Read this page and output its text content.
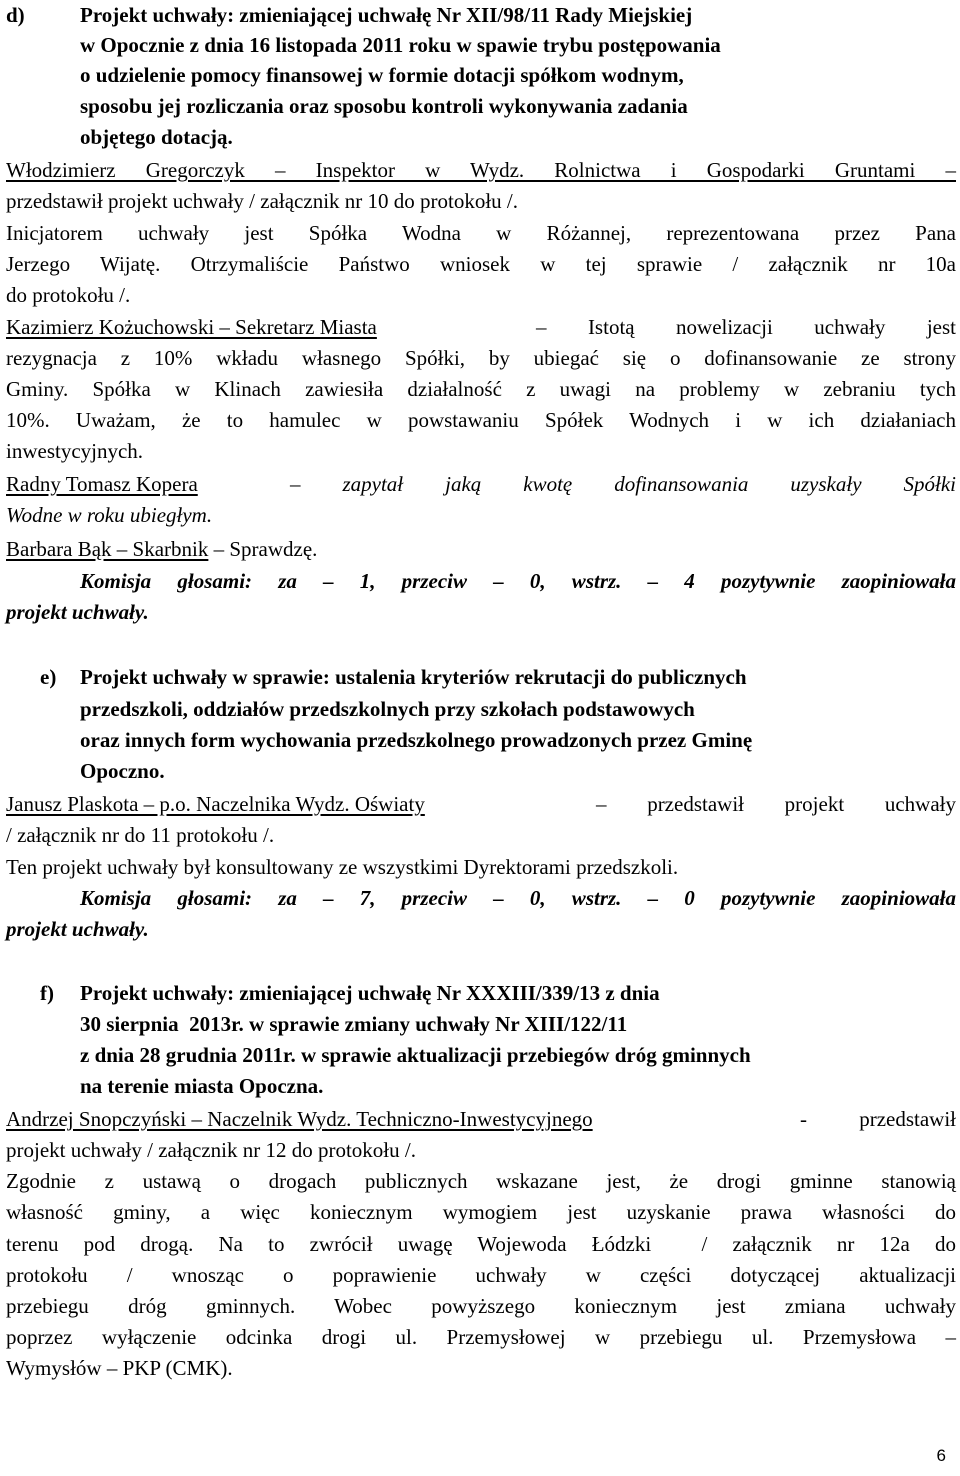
d)	Projekt uchwały: zmieniającej uchwałę Nr XII/98/11 Rady Miejskiej

w Opocznie z dnia 16 listopada 2011 roku w spawie trybu postępowania

o udzielenie pomocy finansowej w formie dotacji spółkom wodnym,

sposobu jej rozliczania oraz sposobu kontroli wykonywania zadania

objętego dotacją.

Włodzimierz Gregorczyk – Inspektor w Wydz. Rolnictwa i Gospodarki Gruntami –

przedstawił projekt uchwały / załącznik nr 10 do protokołu /.

Inicjatorem uchwały jest Spółka Wodna w Różannej, reprezentowana przez Pana

Jerzego Wijatę. Otrzymaliście Państwo wniosek w tej sprawie / załącznik nr 10a

do protokołu /.

Kazimierz Kożuchowski – Sekretarz Miasta	– Istotą nowelizacji uchwały jest

rezygnacja z 10% wkładu własnego Spółki, by ubiegać się o dofinansowanie ze strony

Gminy. Spółka w Klinach zawiesiła działalność z uwagi na problemy w zebraniu tych

10%. Uważam, że to hamulec w powstawaniu Spółek Wodnych i w ich działaniach

inwestycyjnych.

Radny Tomasz Kopera	– zapytał jaką kwotę dofinansowania uzyskały Spółki

Wodne w roku ubiegłym.

Barbara Bąk – Skarbnik – Sprawdzę.

Komisja głosami: za – 1, przeciw – 0, wstrz. – 4 pozytywnie zaopiniowała

projekt uchwały.

e) Projekt uchwały w sprawie: ustalenia kryteriów rekrutacji do publicznych

przedszkoli, oddziałów przedszkolnych przy szkołach podstawowych

oraz innych form wychowania przedszkolnego prowadzonych przez Gminę

Opoczno.

Janusz Plaskota – p.o. Naczelnika Wydz. Oświaty	– przedstawił projekt uchwały

/ załącznik nr do 11 protokołu /.

Ten projekt uchwały był konsultowany ze wszystkimi Dyrektorami przedszkoli.

Komisja głosami: za – 7, przeciw – 0, wstrz. – 0 pozytywnie zaopiniowała

projekt uchwały.

f) Projekt uchwały: zmieniającej uchwałę Nr XXXIII/339/13 z dnia

30 sierpnia  2013r. w sprawie zmiany uchwały Nr XIII/122/11

z dnia 28 grudnia 2011r. w sprawie aktualizacji przebiegów dróg gminnych

na terenie miasta Opoczna.

Andrzej Snopczyński – Naczelnik Wydz. Techniczno-Inwestycyjnego	- przedstawił

projekt uchwały / załącznik nr 12 do protokołu /.

Zgodnie z ustawą o drogach publicznych wskazane jest, że drogi gminne stanowią

własność gminy, a więc koniecznym wymogiem jest uzyskanie prawa własności do

terenu pod drogą. Na to zwrócił uwagę Wojewoda Łódzki  / załącznik nr 12a do

protokołu / wnosząc o poprawienie uchwały w części dotyczącej aktualizacji

przebiegu dróg gminnych. Wobec powyższego koniecznym jest zmiana uchwały

poprzez wyłączenie odcinka drogi ul. Przemysłowej w przebiegu ul. Przemysłowa –

Wymysłów – PKP (CMK).

6
